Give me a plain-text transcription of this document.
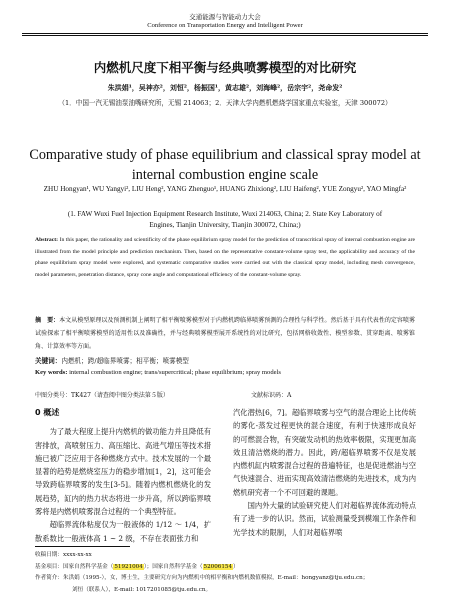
交通能源与智能动力大会
Conference on Transportation Energy and Intelligent Power
内燃机尺度下相平衡与经典喷雾模型的对比研究
朱洪娟¹，吴神亦²，刘恒²，杨振国¹，黄志雄²，刘海峰²，岳宗宇²，尧命发²
（1．中国一汽无锡油泵油嘴研究所，无锡 214063；2．天津大学内燃机燃烧学国家重点实验室，天津 300072）
Comparative study of phase equilibrium and classical spray model at internal combustion engine scale
ZHU Hongyan¹, WU Yangyi², LIU Heng², YANG Zhenguo¹, HUANG Zhixiong², LIU Haifeng², YUE Zongyu², YAO Mingfa²
(1. FAW Wuxi Fuel Injection Equipment Research Institute, Wuxi 214063, China; 2. State Key Laboratory of Engines, Tianjin University, Tianjin 300072, China;)
Abstract: In this paper, the rationality and scientificity of the phase equilibrium spray model for the prediction of transcritical spray of internal combustion engine are illustrated from the model principle and prediction mechanism. Then, based on the representative constant-volume spray test, the applicability and accuracy of the phase equilibrium spray model were explored, and systematic comparative studies were carried out with the classical spray model, including mesh convergence, model parameters, penetration distance, spray cone angle and computational efficiency of the constant-volume spray.
摘　要：本文从模型原理以及预测机制上阐明了相平衡喷雾模型对于内燃机跨临界喷雾预测的合理性与科学性。然后基于具有代表性的定容喷雾试验探索了相平衡喷雾模型的适用性以及准确性，并与经典喷雾模型展开系统性的对比研究，包括网格收敛性、模型参数、贯穿距离、喷雾锥角、计算效率等方面。
关键词：内燃机；跨/超临界喷雾；相平衡；喷雾模型
Key words: internal combustion engine; trans/supercritical; phase equilibrium; spray models
中图分类号：TK427（请查阅中图分类法第５版）	文献标识码：A
0 概述

为了最大程度上提升内燃机的做功能力并且降低有害排放，高喷射压力、高压缩比、高进气增压等技术措施已被广泛应用于各种燃烧方式中。技术发展的一个最显著的趋势是燃烧室压力的稳步增加[1，2]，这可能会导致跨临界喷雾的发生[3-5]。随着内燃机燃烧化的发展趋势，缸内的热力状态将进一步升高，所以跨临界喷雾将是内燃机喷雾混合过程的一个典型特征。

超临界流体粘度仅为一般液体的 1/12 ～ 1/4，扩散系数比一般液体高 1 ~ 2 级，不存在表面张力和

汽化潜热[6，7]。超临界喷雾与空气的混合理论上比传统的雾化-蒸发过程更快的混合速度，有利于快速形成良好的可燃混合物，有突破发动机的热效率极限，实现更加高效且清洁燃烧的潜力。因此，跨/超临界喷雾不仅是发展内燃机缸内喷雾混合过程的普遍特征，也是促进燃油与空气快速混合、进而实现高效清洁燃烧的先进技术，成为内燃机研究者一个不可回避的课题。

国内外大量的试验研究使人们对超临界流体流动特点有了进一步的认识。然而，试验测量受到模端工作条件和光学技术的限制，人们对超临界喷

收稿日期：xxxx-xx-xx
基金项目：国家自然科学基金（51921004）；国家自然科学基金（52006154）
作者简介：朱洪娟（1995-），女，博士生，主要研究方向为内燃机中的相平衡和内燃机数值模拟，E-mail：hongyanz@tju.edu.cn；
刘恒（联系人），E-mail: 1017201085@tju.edu.cn。
